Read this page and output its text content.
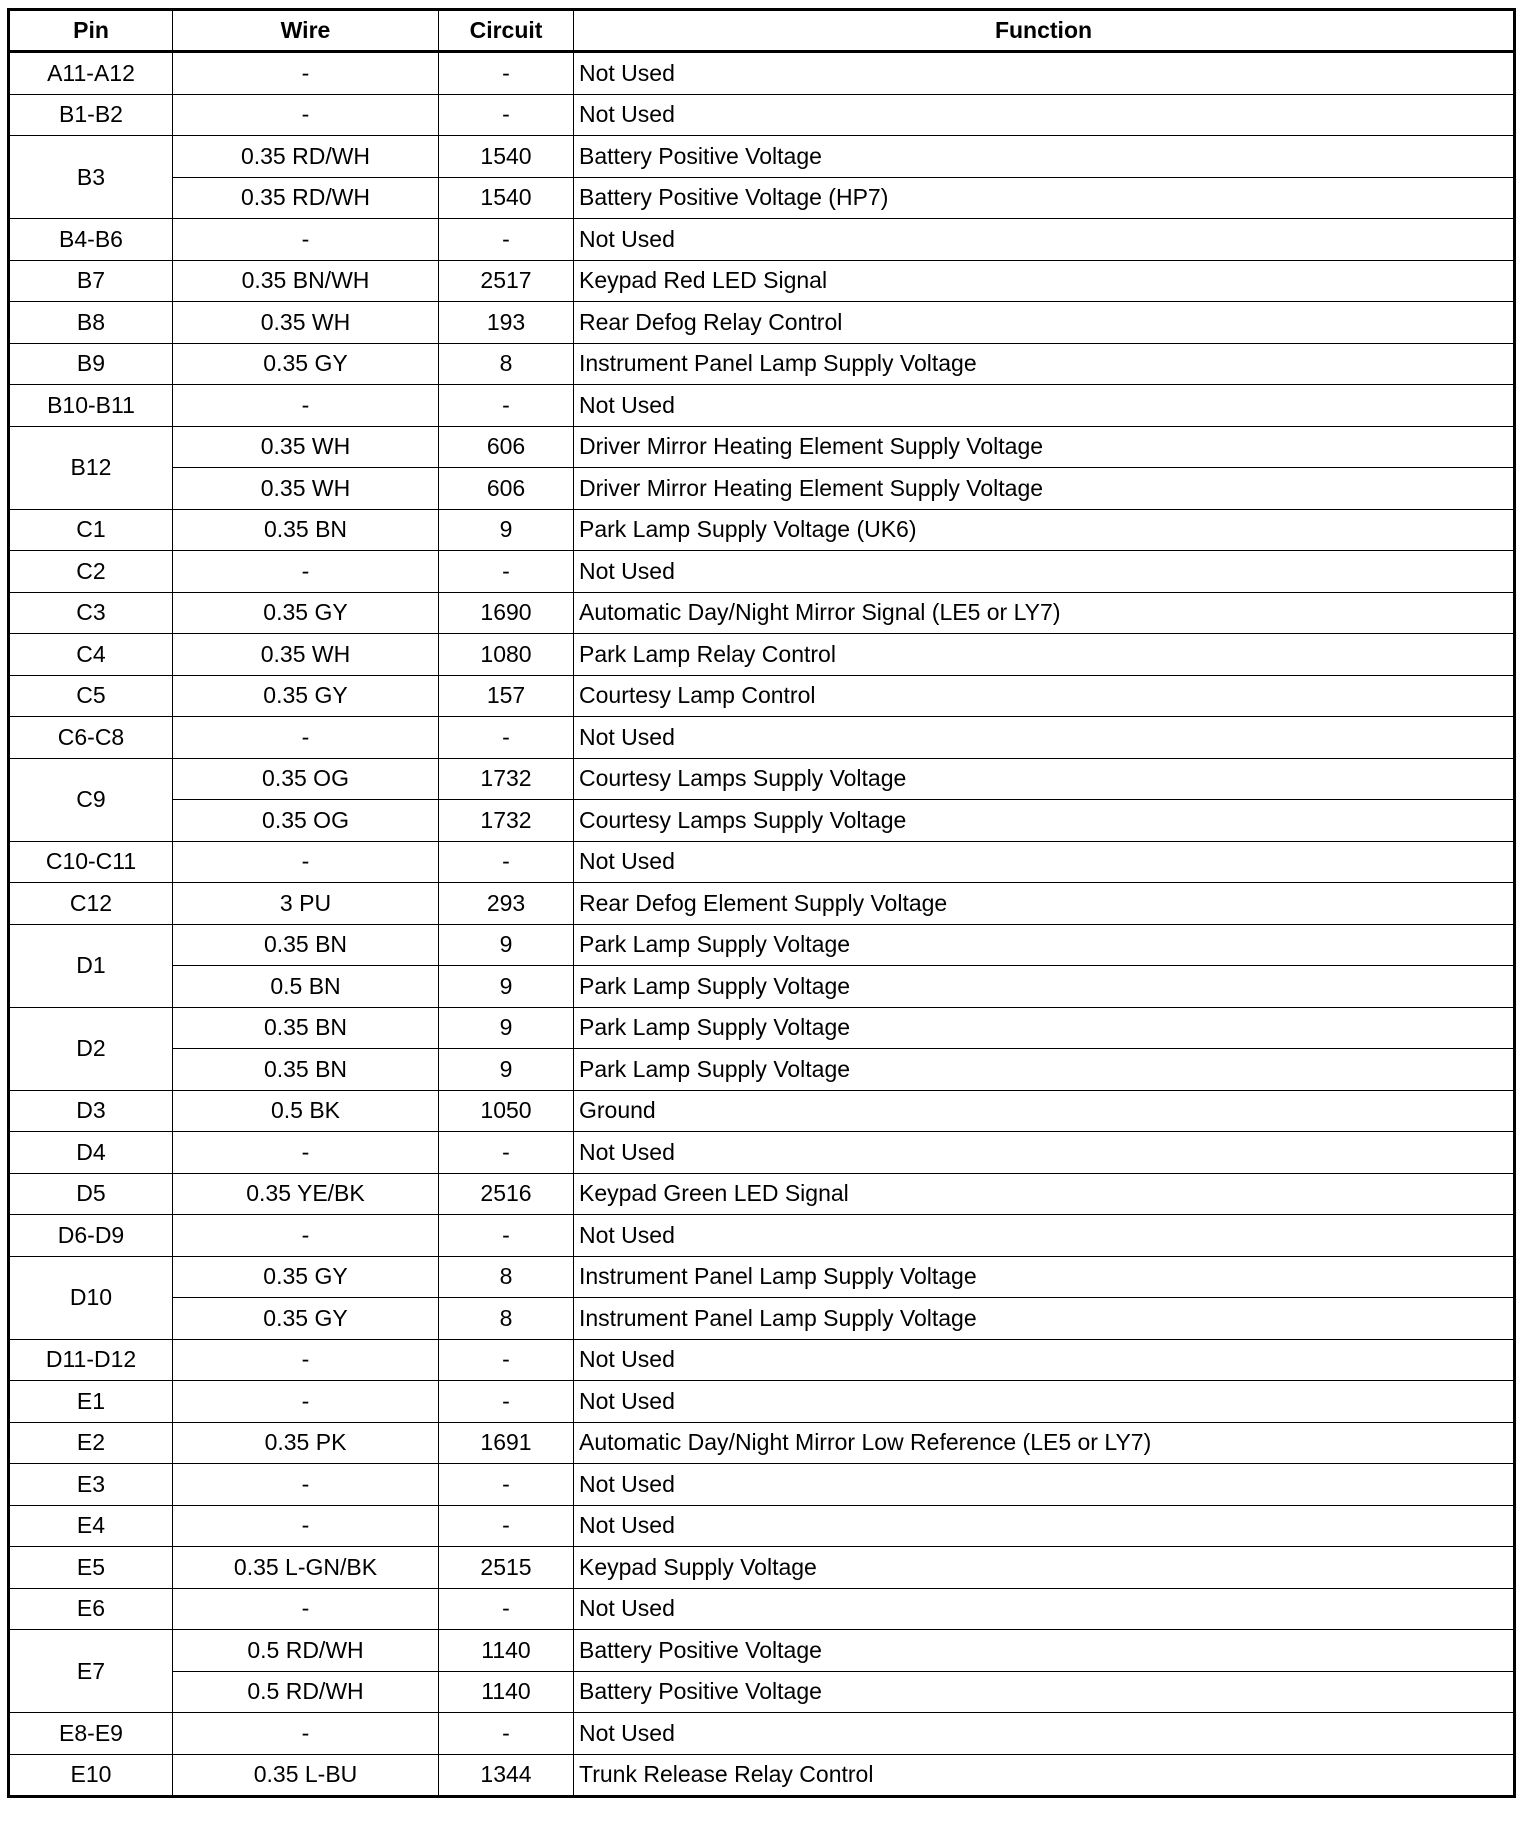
Pin	Wire	Circuit	Function
A11-A12	-	-	Not Used
B1-B2	-	-	Not Used
B3	0.35 RD/WH	1540	Battery Positive Voltage
	0.35 RD/WH	1540	Battery Positive Voltage (HP7)
B4-B6	-	-	Not Used
B7	0.35 BN/WH	2517	Keypad Red LED Signal
B8	0.35 WH	193	Rear Defog Relay Control
B9	0.35 GY	8	Instrument Panel Lamp Supply Voltage
B10-B11	-	-	Not Used
B12	0.35 WH	606	Driver Mirror Heating Element Supply Voltage
	0.35 WH	606	Driver Mirror Heating Element Supply Voltage
C1	0.35 BN	9	Park Lamp Supply Voltage (UK6)
C2	-	-	Not Used
C3	0.35 GY	1690	Automatic Day/Night Mirror Signal (LE5 or LY7)
C4	0.35 WH	1080	Park Lamp Relay Control
C5	0.35 GY	157	Courtesy Lamp Control
C6-C8	-	-	Not Used
C9	0.35 OG	1732	Courtesy Lamps Supply Voltage
	0.35 OG	1732	Courtesy Lamps Supply Voltage
C10-C11	-	-	Not Used
C12	3 PU	293	Rear Defog Element Supply Voltage
D1	0.35 BN	9	Park Lamp Supply Voltage
	0.5 BN	9	Park Lamp Supply Voltage
D2	0.35 BN	9	Park Lamp Supply Voltage
	0.35 BN	9	Park Lamp Supply Voltage
D3	0.5 BK	1050	Ground
D4	-	-	Not Used
D5	0.35 YE/BK	2516	Keypad Green LED Signal
D6-D9	-	-	Not Used
D10	0.35 GY	8	Instrument Panel Lamp Supply Voltage
	0.35 GY	8	Instrument Panel Lamp Supply Voltage
D11-D12	-	-	Not Used
E1	-	-	Not Used
E2	0.35 PK	1691	Automatic Day/Night Mirror Low Reference (LE5 or LY7)
E3	-	-	Not Used
E4	-	-	Not Used
E5	0.35 L-GN/BK	2515	Keypad Supply Voltage
E6	-	-	Not Used
E7	0.5 RD/WH	1140	Battery Positive Voltage
	0.5 RD/WH	1140	Battery Positive Voltage
E8-E9	-	-	Not Used
E10	0.35 L-BU	1344	Trunk Release Relay Control
